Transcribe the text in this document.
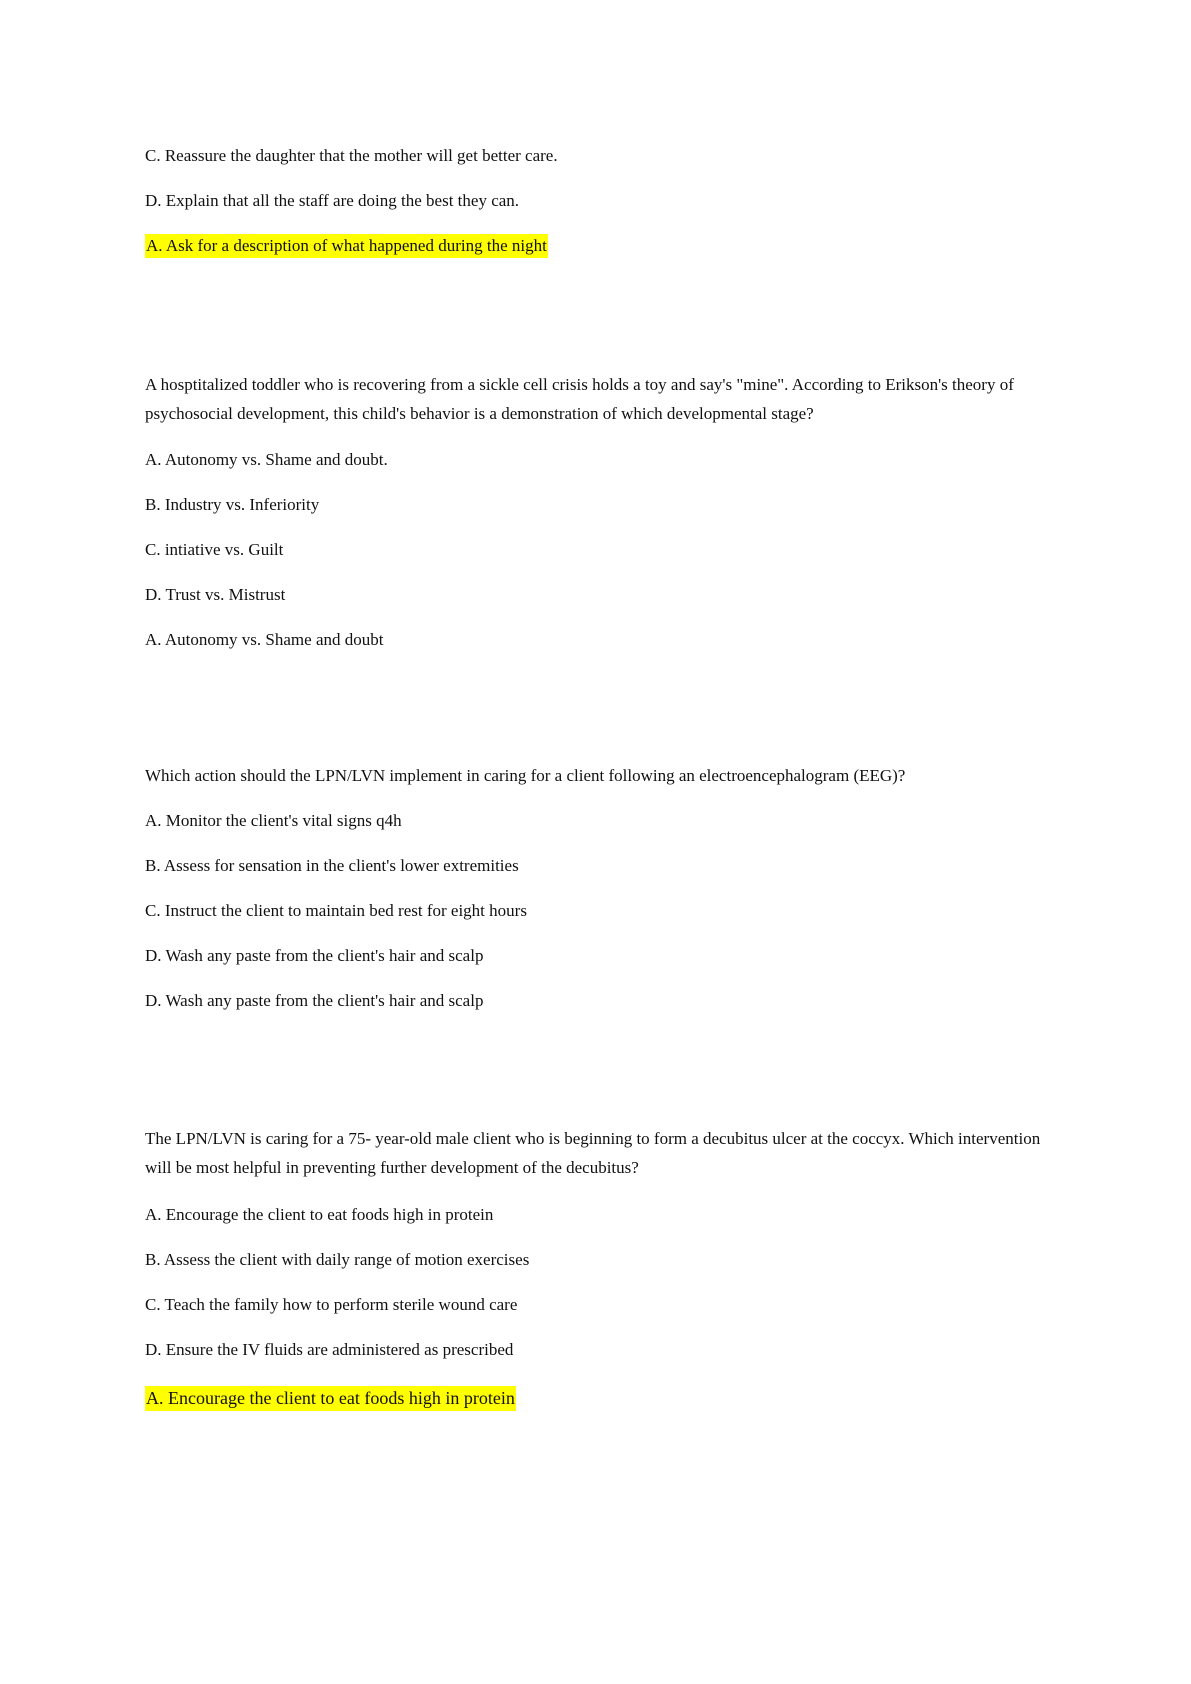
C. Reassure the daughter that the mother will get better care.
D. Explain that all the staff are doing the best they can.
A. Ask for a description of what happened during the night
A hosptitalized toddler who is recovering from a sickle cell crisis holds a toy and say's "mine". According to Erikson's theory of psychosocial development, this child's behavior is a demonstration of which developmental stage?
A. Autonomy vs. Shame and doubt.
B. Industry vs. Inferiority
C. intiative vs. Guilt
D. Trust vs. Mistrust
A. Autonomy vs. Shame and doubt
Which action should the LPN/LVN implement in caring for a client following an electroencephalogram (EEG)?
A. Monitor the client's vital signs q4h
B. Assess for sensation in the client's lower extremities
C. Instruct the client to maintain bed rest for eight hours
D. Wash any paste from the client's hair and scalp
D. Wash any paste from the client's hair and scalp
The LPN/LVN is caring for a 75- year-old male client who is beginning to form a decubitus ulcer at the coccyx. Which intervention will be most helpful in preventing further development of the decubitus?
A. Encourage the client to eat foods high in protein
B. Assess the client with daily range of motion exercises
C. Teach the family how to perform sterile wound care
D. Ensure the IV fluids are administered as prescribed
A. Encourage the client to eat foods high in protein
